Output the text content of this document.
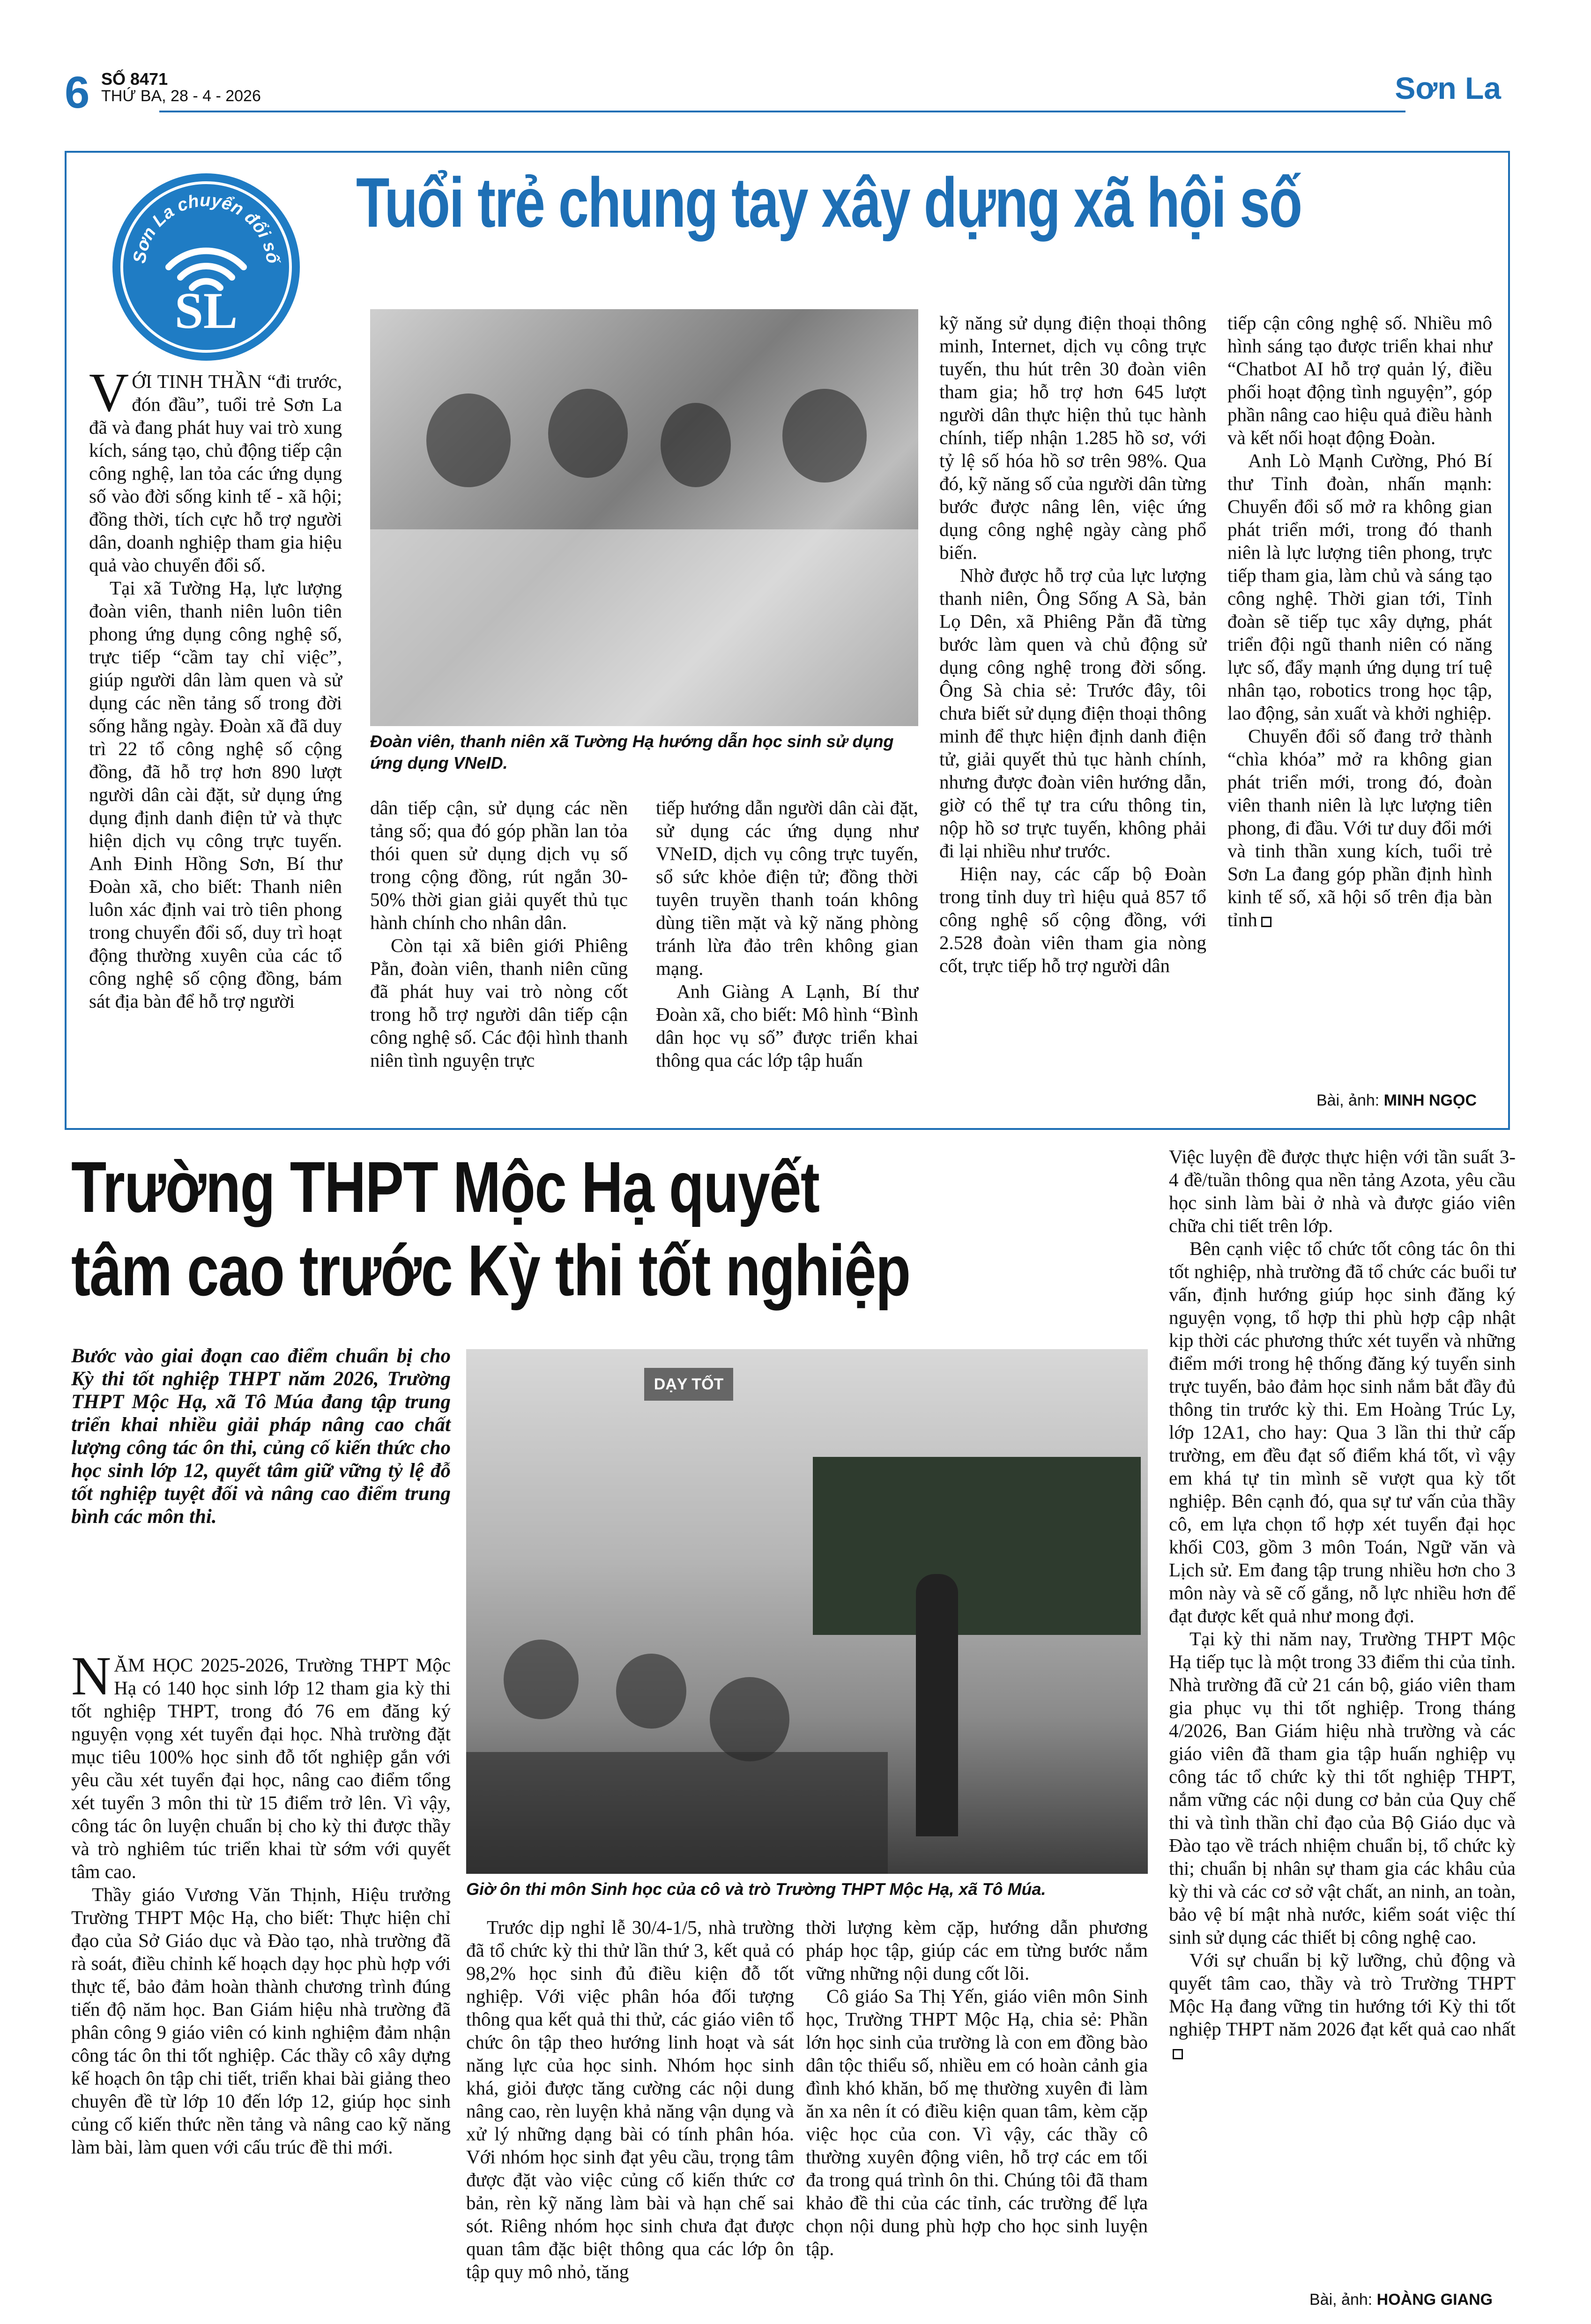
6 SỐ 8471
THỨ BA, 28 - 4 - 2026	Sơn La
SL
Sơn La chuyển đổi số
Tuổi trẻ chung tay xây dựng xã hội số

VỚI TINH THẦN “đi trước, đón đầu”, tuổi trẻ Sơn La đã và đang phát huy vai trò xung kích, sáng tạo, chủ động tiếp cận công nghệ, lan tỏa các ứng dụng số vào đời sống kinh tế - xã hội; đồng thời, tích cực hỗ trợ người dân, doanh nghiệp tham gia hiệu quả vào chuyển đổi số.

Tại xã Tường Hạ, lực lượng đoàn viên, thanh niên luôn tiên phong ứng dụng công nghệ số, trực tiếp “cầm tay chỉ việc”, giúp người dân làm quen và sử dụng các nền tảng số trong đời sống hằng ngày. Đoàn xã đã duy trì 22 tổ công nghệ số cộng đồng, đã hỗ trợ hơn 890 lượt người dân cài đặt, sử dụng ứng dụng định danh điện tử và thực hiện dịch vụ công trực tuyến. Anh Đinh Hồng Sơn, Bí thư Đoàn xã, cho biết: Thanh niên luôn xác định vai trò tiên phong trong chuyển đổi số, duy trì hoạt động thường xuyên của các tổ công nghệ số cộng đồng, bám sát địa bàn để hỗ trợ người

Đoàn viên, thanh niên xã Tường Hạ hướng dẫn học sinh sử dụng ứng dụng VNeID.

dân tiếp cận, sử dụng các nền tảng số; qua đó góp phần lan tỏa thói quen sử dụng dịch vụ số trong cộng đồng, rút ngắn 30-50% thời gian giải quyết thủ tục hành chính cho nhân dân.

Còn tại xã biên giới Phiêng Pằn, đoàn viên, thanh niên cũng đã phát huy vai trò nòng cốt trong hỗ trợ người dân tiếp cận công nghệ số. Các đội hình thanh niên tình nguyện trực

tiếp hướng dẫn người dân cài đặt, sử dụng các ứng dụng như VNeID, dịch vụ công trực tuyến, sổ sức khỏe điện tử; đồng thời tuyên truyền thanh toán không dùng tiền mặt và kỹ năng phòng tránh lừa đảo trên không gian mạng.

Anh Giàng A Lạnh, Bí thư Đoàn xã, cho biết: Mô hình “Bình dân học vụ số” được triển khai thông qua các lớp tập huấn

kỹ năng sử dụng điện thoại thông minh, Internet, dịch vụ công trực tuyến, thu hút trên 30 đoàn viên tham gia; hỗ trợ hơn 645 lượt người dân thực hiện thủ tục hành chính, tiếp nhận 1.285 hồ sơ, với tỷ lệ số hóa hồ sơ trên 98%. Qua đó, kỹ năng số của người dân từng bước được nâng lên, việc ứng dụng công nghệ ngày càng phổ biến.

Nhờ được hỗ trợ của lực lượng thanh niên, Ông Sống A Sà, bản Lọ Dên, xã Phiêng Pằn đã từng bước làm quen và chủ động sử dụng công nghệ trong đời sống. Ông Sà chia sẻ: Trước đây, tôi chưa biết sử dụng điện thoại thông minh để thực hiện định danh điện tử, giải quyết thủ tục hành chính, nhưng được đoàn viên hướng dẫn, giờ có thể tự tra cứu thông tin, nộp hồ sơ trực tuyến, không phải đi lại nhiều như trước.

Hiện nay, các cấp bộ Đoàn trong tỉnh duy trì hiệu quả 857 tổ công nghệ số cộng đồng, với 2.528 đoàn viên tham gia nòng cốt, trực tiếp hỗ trợ người dân

tiếp cận công nghệ số. Nhiều mô hình sáng tạo được triển khai như “Chatbot AI hỗ trợ quản lý, điều phối hoạt động tình nguyện”, góp phần nâng cao hiệu quả điều hành và kết nối hoạt động Đoàn.

Anh Lò Mạnh Cường, Phó Bí thư Tỉnh đoàn, nhấn mạnh: Chuyển đổi số mở ra không gian phát triển mới, trong đó thanh niên là lực lượng tiên phong, trực tiếp tham gia, làm chủ và sáng tạo công nghệ. Thời gian tới, Tỉnh đoàn sẽ tiếp tục xây dựng, phát triển đội ngũ thanh niên có năng lực số, đẩy mạnh ứng dụng trí tuệ nhân tạo, robotics trong học tập, lao động, sản xuất và khởi nghiệp.

Chuyển đổi số đang trở thành “chìa khóa” mở ra không gian phát triển mới, trong đó, đoàn viên thanh niên là lực lượng tiên phong, đi đầu. Với tư duy đổi mới và tinh thần xung kích, tuổi trẻ Sơn La đang góp phần định hình kinh tế số, xã hội số trên địa bàn tỉnh

Bài, ảnh: MINH NGỌC
Trường THPT Mộc Hạ quyết tâm cao trước Kỳ thi tốt nghiệp
Bước vào giai đoạn cao điểm chuẩn bị cho Kỳ thi tốt nghiệp THPT năm 2026, Trường THPT Mộc Hạ, xã Tô Múa đang tập trung triển khai nhiều giải pháp nâng cao chất lượng công tác ôn thi, củng cố kiến thức cho học sinh lớp 12, quyết tâm giữ vững tỷ lệ đỗ tốt nghiệp tuyệt đối và nâng cao điểm trung bình các môn thi.
DẠY TỐT
Giờ ôn thi môn Sinh học của cô và trò Trường THPT Mộc Hạ, xã Tô Múa.

NĂM HỌC 2025-2026, Trường THPT Mộc Hạ có 140 học sinh lớp 12 tham gia kỳ thi tốt nghiệp THPT, trong đó 76 em đăng ký nguyện vọng xét tuyển đại học. Nhà trường đặt mục tiêu 100% học sinh đỗ tốt nghiệp gắn với yêu cầu xét tuyển đại học, nâng cao điểm tổng xét tuyển 3 môn thi từ 15 điểm trở lên. Vì vậy, công tác ôn luyện chuẩn bị cho kỳ thi được thầy và trò nghiêm túc triển khai từ sớm với quyết tâm cao.

Thầy giáo Vương Văn Thịnh, Hiệu trưởng Trường THPT Mộc Hạ, cho biết: Thực hiện chỉ đạo của Sở Giáo dục và Đào tạo, nhà trường đã rà soát, điều chỉnh kế hoạch dạy học phù hợp với thực tế, bảo đảm hoàn thành chương trình đúng tiến độ năm học. Ban Giám hiệu nhà trường đã phân công 9 giáo viên có kinh nghiệm đảm nhận công tác ôn thi tốt nghiệp. Các thầy cô xây dựng kế hoạch ôn tập chi tiết, triển khai bài giảng theo chuyên đề từ lớp 10 đến lớp 12, giúp học sinh củng cố kiến thức nền tảng và nâng cao kỹ năng làm bài, làm quen với cấu trúc đề thi mới.

Trước dịp nghỉ lễ 30/4-1/5, nhà trường đã tổ chức kỳ thi thử lần thứ 3, kết quả có 98,2% học sinh đủ điều kiện đỗ tốt nghiệp. Với việc phân hóa đối tượng thông qua kết quả thi thử, các giáo viên tổ chức ôn tập theo hướng linh hoạt và sát năng lực của học sinh. Nhóm học sinh khá, giỏi được tăng cường các nội dung nâng cao, rèn luyện khả năng vận dụng và xử lý những dạng bài có tính phân hóa. Với nhóm học sinh đạt yêu cầu, trọng tâm được đặt vào việc củng cố kiến thức cơ bản, rèn kỹ năng làm bài và hạn chế sai sót. Riêng nhóm học sinh chưa đạt được quan tâm đặc biệt thông qua các lớp ôn tập quy mô nhỏ, tăng

thời lượng kèm cặp, hướng dẫn phương pháp học tập, giúp các em từng bước nắm vững những nội dung cốt lõi.

Cô giáo Sa Thị Yến, giáo viên môn Sinh học, Trường THPT Mộc Hạ, chia sẻ: Phần lớn học sinh của trường là con em đồng bào dân tộc thiểu số, nhiều em có hoàn cảnh gia đình khó khăn, bố mẹ thường xuyên đi làm ăn xa nên ít có điều kiện quan tâm, kèm cặp việc học của con. Vì vậy, các thầy cô thường xuyên động viên, hỗ trợ các em tối đa trong quá trình ôn thi. Chúng tôi đã tham khảo đề thi của các tỉnh, các trường để lựa chọn nội dung phù hợp cho học sinh luyện tập.

Việc luyện đề được thực hiện với tần suất 3-4 đề/tuần thông qua nền tảng Azota, yêu cầu học sinh làm bài ở nhà và được giáo viên chữa chi tiết trên lớp.

Bên cạnh việc tổ chức tốt công tác ôn thi tốt nghiệp, nhà trường đã tổ chức các buổi tư vấn, định hướng giúp học sinh đăng ký nguyện vọng, tổ hợp thi phù hợp cập nhật kịp thời các phương thức xét tuyển và những điểm mới trong hệ thống đăng ký tuyển sinh trực tuyến, bảo đảm học sinh nắm bắt đầy đủ thông tin trước kỳ thi. Em Hoàng Trúc Ly, lớp 12A1, cho hay: Qua 3 lần thi thử cấp trường, em đều đạt số điểm khá tốt, vì vậy em khá tự tin mình sẽ vượt qua kỳ tốt nghiệp. Bên cạnh đó, qua sự tư vấn của thầy cô, em lựa chọn tổ hợp xét tuyển đại học khối C03, gồm 3 môn Toán, Ngữ văn và Lịch sử. Em đang tập trung nhiều hơn cho 3 môn này và sẽ cố gắng, nỗ lực nhiều hơn để đạt được kết quả như mong đợi.

Tại kỳ thi năm nay, Trường THPT Mộc Hạ tiếp tục là một trong 33 điểm thi của tỉnh. Nhà trường đã cử 21 cán bộ, giáo viên tham gia phục vụ thi tốt nghiệp. Trong tháng 4/2026, Ban Giám hiệu nhà trường và các giáo viên đã tham gia tập huấn nghiệp vụ công tác tổ chức kỳ thi tốt nghiệp THPT, nắm vững các nội dung cơ bản của Quy chế thi và tình thần chỉ đạo của Bộ Giáo dục và Đào tạo về trách nhiệm chuẩn bị, tổ chức kỳ thi; chuẩn bị nhân sự tham gia các khâu của kỳ thi và các cơ sở vật chất, an ninh, an toàn, bảo vệ bí mật nhà nước, kiểm soát việc thí sinh sử dụng các thiết bị công nghệ cao.

Với sự chuẩn bị kỹ lưỡng, chủ động và quyết tâm cao, thầy và trò Trường THPT Mộc Hạ đang vững tin hướng tới Kỳ thi tốt nghiệp THPT năm 2026 đạt kết quả cao nhất

Bài, ảnh: HOÀNG GIANG
